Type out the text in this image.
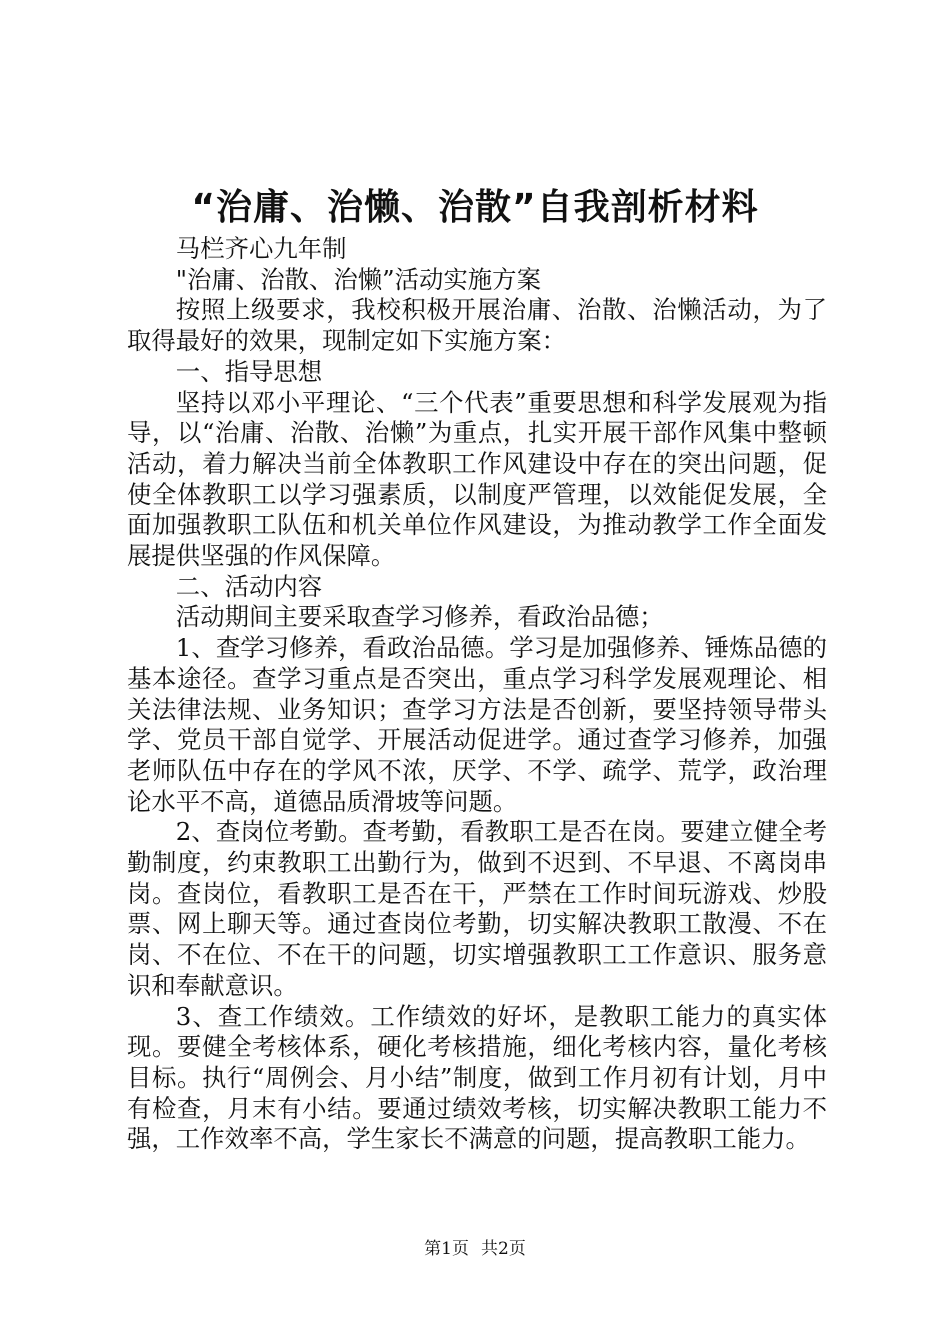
“治庸、治懒、治散”自我剖析材料

马栏齐心九年制

"治庸、治散、治懒”活动实施方案

按照上级要求，我校积极开展治庸、治散、治懒活动，为了取得最好的效果，现制定如下实施方案：

一、指导思想

坚持以邓小平理论、“三个代表”重要思想和科学发展观为指导，以“治庸、治散、治懒”为重点，扎实开展干部作风集中整顿活动，着力解决当前全体教职工作风建设中存在的突出问题，促使全体教职工以学习强素质，以制度严管理，以效能促发展，全面加强教职工队伍和机关单位作风建设，为推动教学工作全面发展提供坚强的作风保障。

二、活动内容

活动期间主要采取查学习修养，看政治品德；

1、查学习修养，看政治品德。学习是加强修养、锤炼品德的基本途径。查学习重点是否突出，重点学习科学发展观理论、相关法律法规、业务知识；查学习方法是否创新，要坚持领导带头学、党员干部自觉学、开展活动促进学。通过查学习修养，加强老师队伍中存在的学风不浓，厌学、不学、疏学、荒学，政治理论水平不高，道德品质滑坡等问题。

2、查岗位考勤。查考勤，看教职工是否在岗。要建立健全考勤制度，约束教职工出勤行为，做到不迟到、不早退、不离岗串岗。查岗位，看教职工是否在干，严禁在工作时间玩游戏、炒股票、网上聊天等。通过查岗位考勤，切实解决教职工散漫、不在岗、不在位、不在干的问题，切实增强教职工工作意识、服务意识和奉献意识。

3、查工作绩效。工作绩效的好坏，是教职工能力的真实体现。要健全考核体系，硬化考核措施，细化考核内容，量化考核目标。执行“周例会、月小结”制度，做到工作月初有计划，月中有检查，月末有小结。要通过绩效考核，切实解决教职工能力不强，工作效率不高，学生家长不满意的问题，提高教职工能力。

第1页 共2页
